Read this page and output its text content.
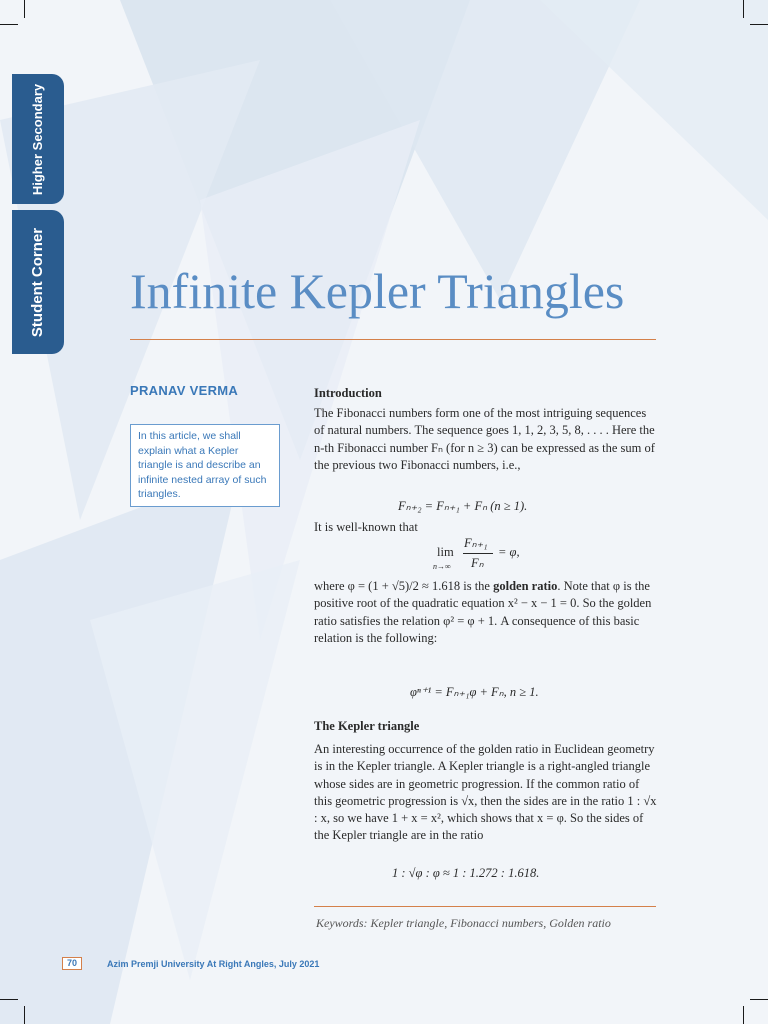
Higher Secondary
Student Corner Infinite Kepler Triangles
PRANAV VERMA
In this article, we shall explain what a Kepler triangle is and describe an infinite nested array of such triangles.
Introduction
The Fibonacci numbers form one of the most intriguing sequences of natural numbers. The sequence goes 1, 1, 2, 3, 5, 8, . . . . Here the n-th Fibonacci number Fₙ (for n ≥ 3) can be expressed as the sum of the previous two Fibonacci numbers, i.e.,
Fₙ₊₂ = Fₙ₊₁ + Fₙ (n ≥ 1).
It is well-known that
lim
n→∞
Fₙ₊₁
Fₙ
= φ,
where φ = (1 + √5)/2 ≈ 1.618 is the golden ratio. Note that φ is the positive root of the quadratic equation x² − x − 1 = 0. So the golden ratio satisfies the relation φ² = φ + 1. A consequence of this basic relation is the following:
φⁿ⁺¹ = Fₙ₊₁φ + Fₙ, n ≥ 1.
The Kepler triangle
An interesting occurrence of the golden ratio in Euclidean geometry is in the Kepler triangle. A Kepler triangle is a right-angled triangle whose sides are in geometric progression. If the common ratio of this geometric progression is √x, then the sides are in the ratio 1 : √x : x, so we have 1 + x = x², which shows that x = φ. So the sides of the Kepler triangle are in the ratio
1 : √φ : φ ≈ 1 : 1.272 : 1.618.
Keywords: Kepler triangle, Fibonacci numbers, Golden ratio
70	Azim Premji University At Right Angles, July 2021
